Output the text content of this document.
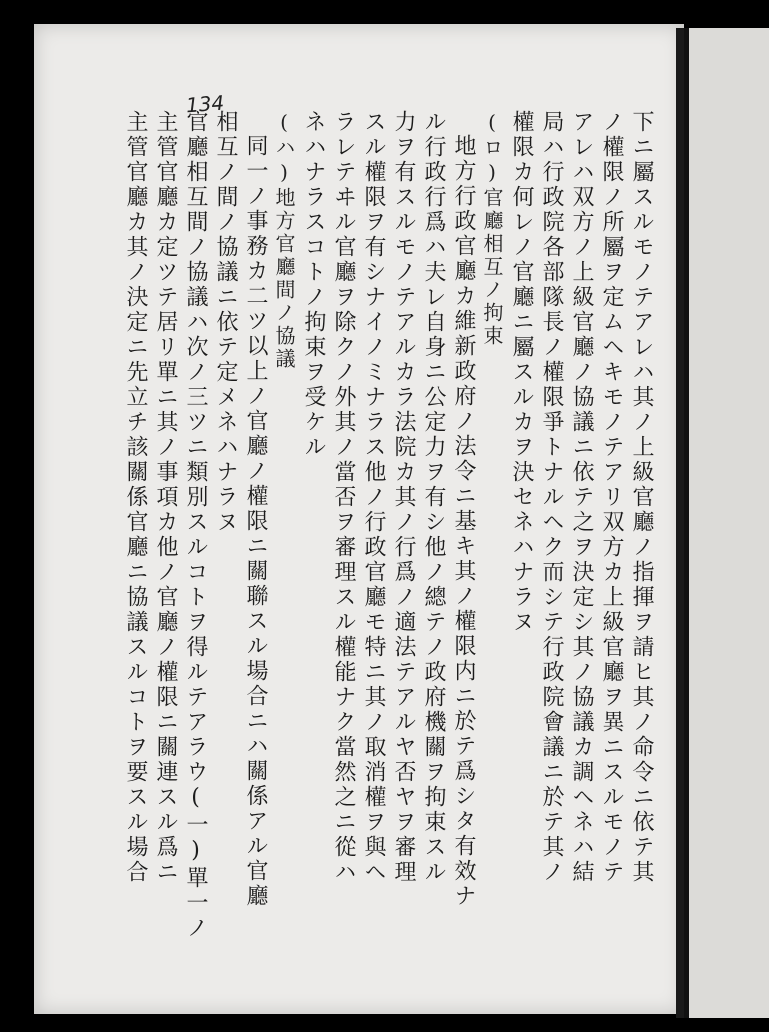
134
下ニ屬スルモノテアレハ其ノ上級官廳ノ指揮ヲ請ヒ其ノ命令ニ依テ其
ノ權限ノ所屬ヲ定ムヘキモノテアリ双方カ上級官廳ヲ異ニスルモノテ
アレハ双方ノ上級官廳ノ協議ニ依テ之ヲ決定シ其ノ協議カ調ヘネハ結
局ハ行政院各部隊長ノ權限爭トナルヘク而シテ行政院會議ニ於テ其ノ
權限カ何レノ官廳ニ屬スルカヲ決セネハナラヌ
(ロ)官廳相互ノ拘束
地方行政官廳カ維新政府ノ法令ニ基キ其ノ權限内ニ於テ爲シタ有效ナ
ル行政行爲ハ夫レ自身ニ公定力ヲ有シ他ノ總テノ政府機關ヲ拘束スル
力ヲ有スルモノテアルカラ法院カ其ノ行爲ノ適法テアルヤ否ヤヲ審理
スル權限ヲ有シナイノミナラス他ノ行政官廳モ特ニ其ノ取消權ヲ與ヘ
ラレテヰル官廳ヲ除クノ外其ノ當否ヲ審理スル權能ナク當然之ニ從ハ
ネハナラスコトノ拘束ヲ受ケル
(ハ)地方官廳間ノ協議
同一ノ事務カ二ツ以上ノ官廳ノ權限ニ關聯スル場合ニハ關係アル官廳
相互ノ間ノ協議ニ依テ定メネハナラヌ
官廳相互間ノ協議ハ次ノ三ツニ類別スルコトヲ得ルテアラウ(一)單一ノ
主管官廳カ定ツテ居リ單ニ其ノ事項カ他ノ官廳ノ權限ニ關連スル爲ニ
主管官廳カ其ノ決定ニ先立チ該關係官廳ニ協議スルコトヲ要スル場合
